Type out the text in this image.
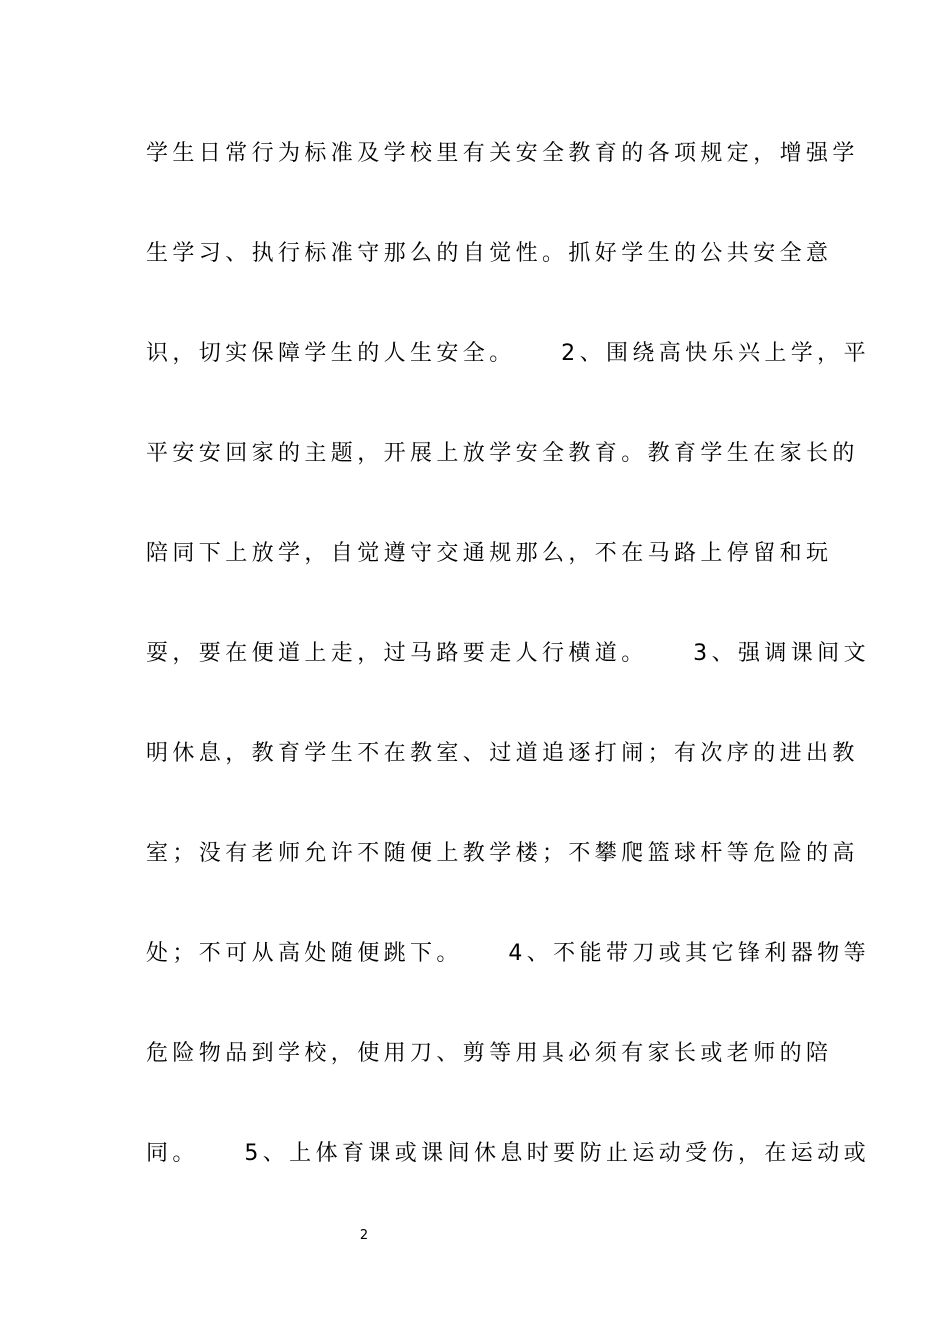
学生日常行为标准及学校里有关安全教育的各项规定，增强学
生学习、执行标准守那么的自觉性。抓好学生的公共安全意
识，切实保障学生的人生安全。    2、围绕高快乐兴上学，平
平安安回家的主题，开展上放学安全教育。教育学生在家长的
陪同下上放学，自觉遵守交通规那么，不在马路上停留和玩
耍，要在便道上走，过马路要走人行横道。    3、强调课间文
明休息，教育学生不在教室、过道追逐打闹；有次序的进出教
室；没有老师允许不随便上教学楼；不攀爬篮球杆等危险的高
处；不可从高处随便跳下。    4、不能带刀或其它锋利器物等
危险物品到学校，使用刀、剪等用具必须有家长或老师的陪
同。    5、上体育课或课间休息时要防止运动受伤，在运动或
2
